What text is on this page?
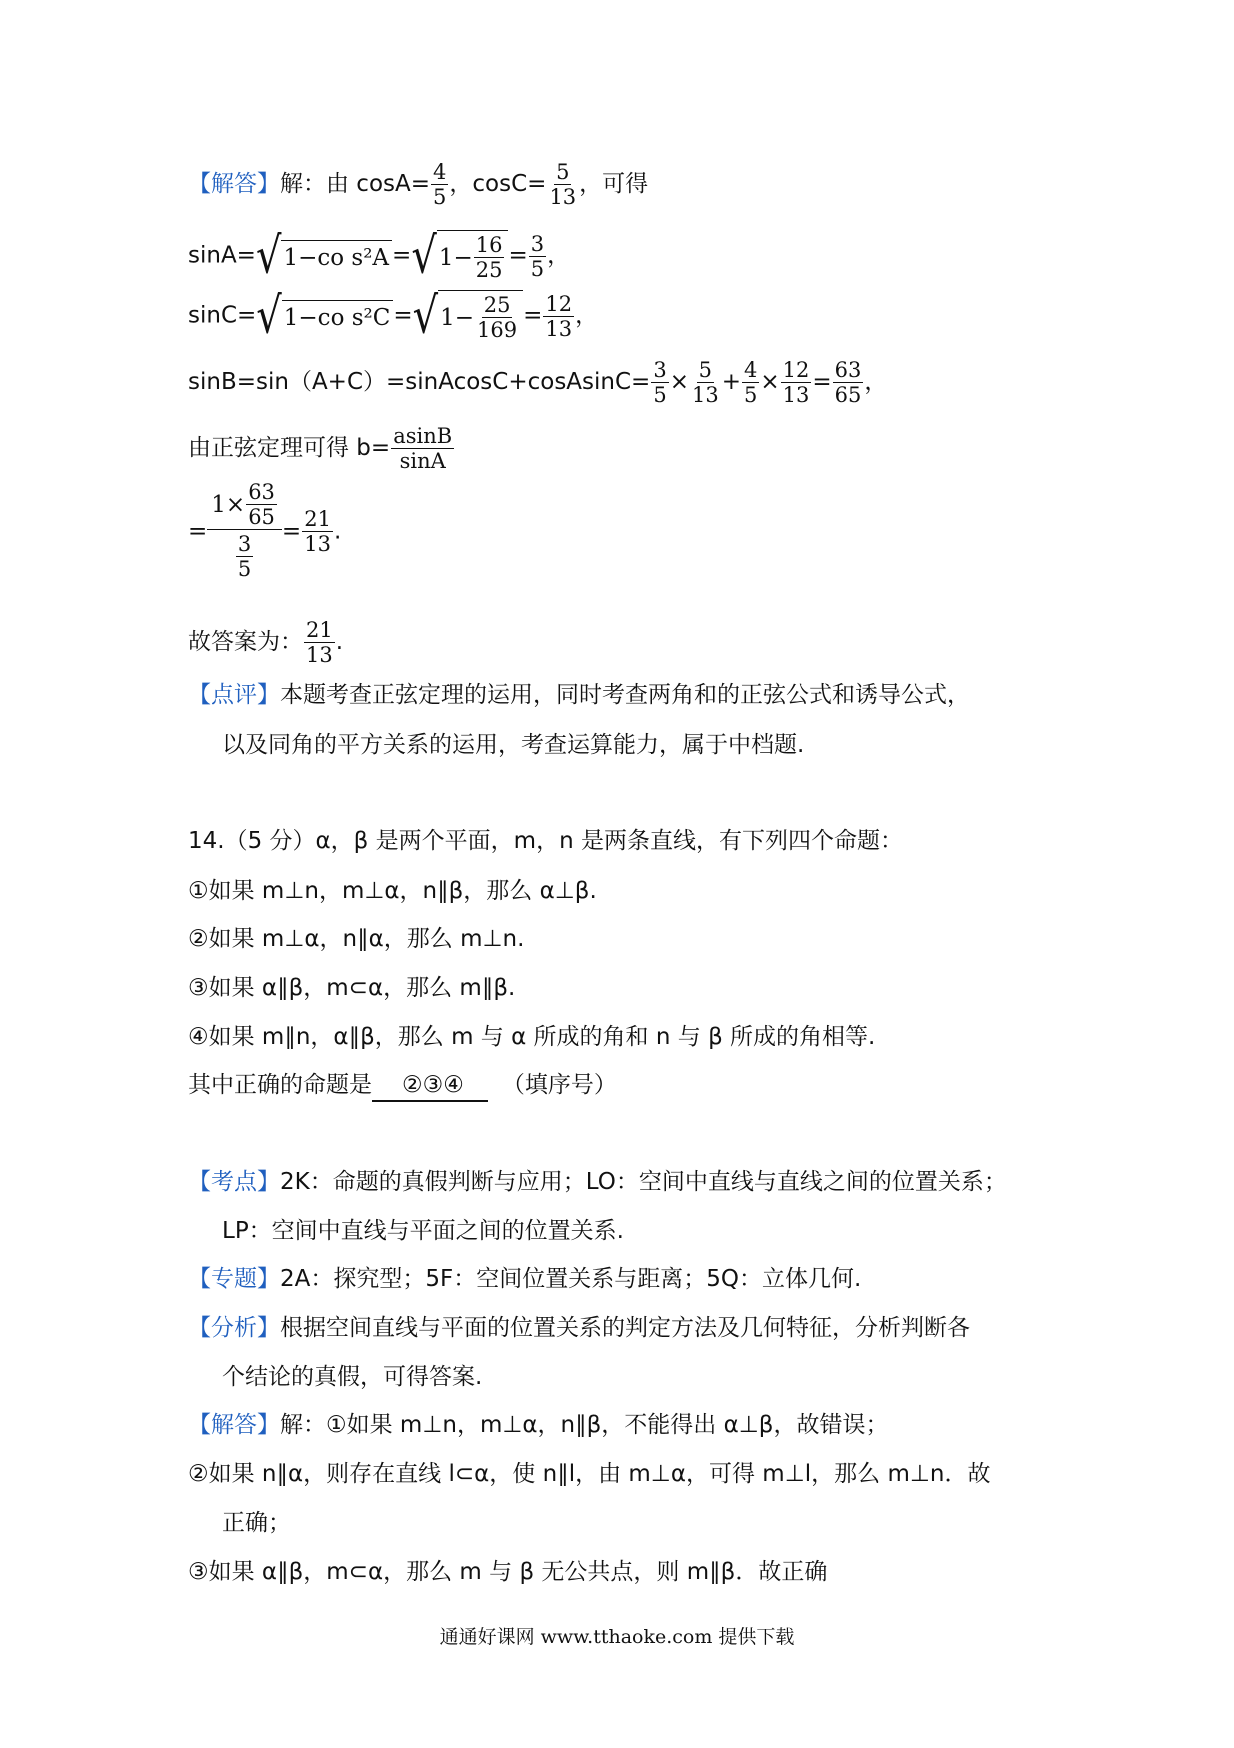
【解答】解：由 $\cos A= \frac{4}{5}$ ，$\cos C= \frac{5}{13}$ ，可得
sinA= √ 1−co s²A = √ $1- \frac{16}{25} = \frac{3}{5}$ ，
sinC= √ 1−co s²C = √ $1- \frac{25}{169} = \frac{12}{13}$ ，
sinB=sin（A+C）=sinAcosC+cosAsinC= $\frac{3}{5} \times \frac{5}{13} + \frac{4}{5} \times \frac{12}{13} = \frac{63}{65}$ ，
由正弦定理可得 $b= \frac{asinB}{\sin A}$
= $\frac{1\times \frac{63}{65}}{\frac{3}{5}} = \frac{21}{13}$ .
故答案为： $\frac{21}{13}$ .
【点评】本题考查正弦定理的运用，同时考查两角和的正弦公式和诱导公式，
以及同角的平方关系的运用，考查运算能力，属于中档题.
14.（5 分）α，β 是两个平面，m，n 是两条直线，有下列四个命题：
①如果 m⊥n，m⊥α，n∥β，那么 α⊥β.
②如果 m⊥α，n∥α，那么 m⊥n.
③如果 α∥β，m⊂α，那么 m∥β.
④如果 m∥n，α∥β，那么 m 与 α 所成的角和 n 与 β 所成的角相等.
其中正确的命题是 ②③④ （填序号）
【考点】2K：命题的真假判断与应用；LO：空间中直线与直线之间的位置关系；
LP：空间中直线与平面之间的位置关系.
【专题】2A：探究型；5F：空间位置关系与距离；5Q：立体几何.
【分析】根据空间直线与平面的位置关系的判定方法及几何特征，分析判断各
个结论的真假，可得答案.
【解答】解：①如果 m⊥n，m⊥α，n∥β，不能得出 α⊥β，故错误；
②如果 n∥α，则存在直线 l⊂α，使 n∥l，由 m⊥α，可得 m⊥l，那么 m⊥n．故
正确；
③如果 α∥β，m⊂α，那么 m 与 β 无公共点，则 m∥β．故正确
通通好课网 www.tthaoke.com 提供下载
